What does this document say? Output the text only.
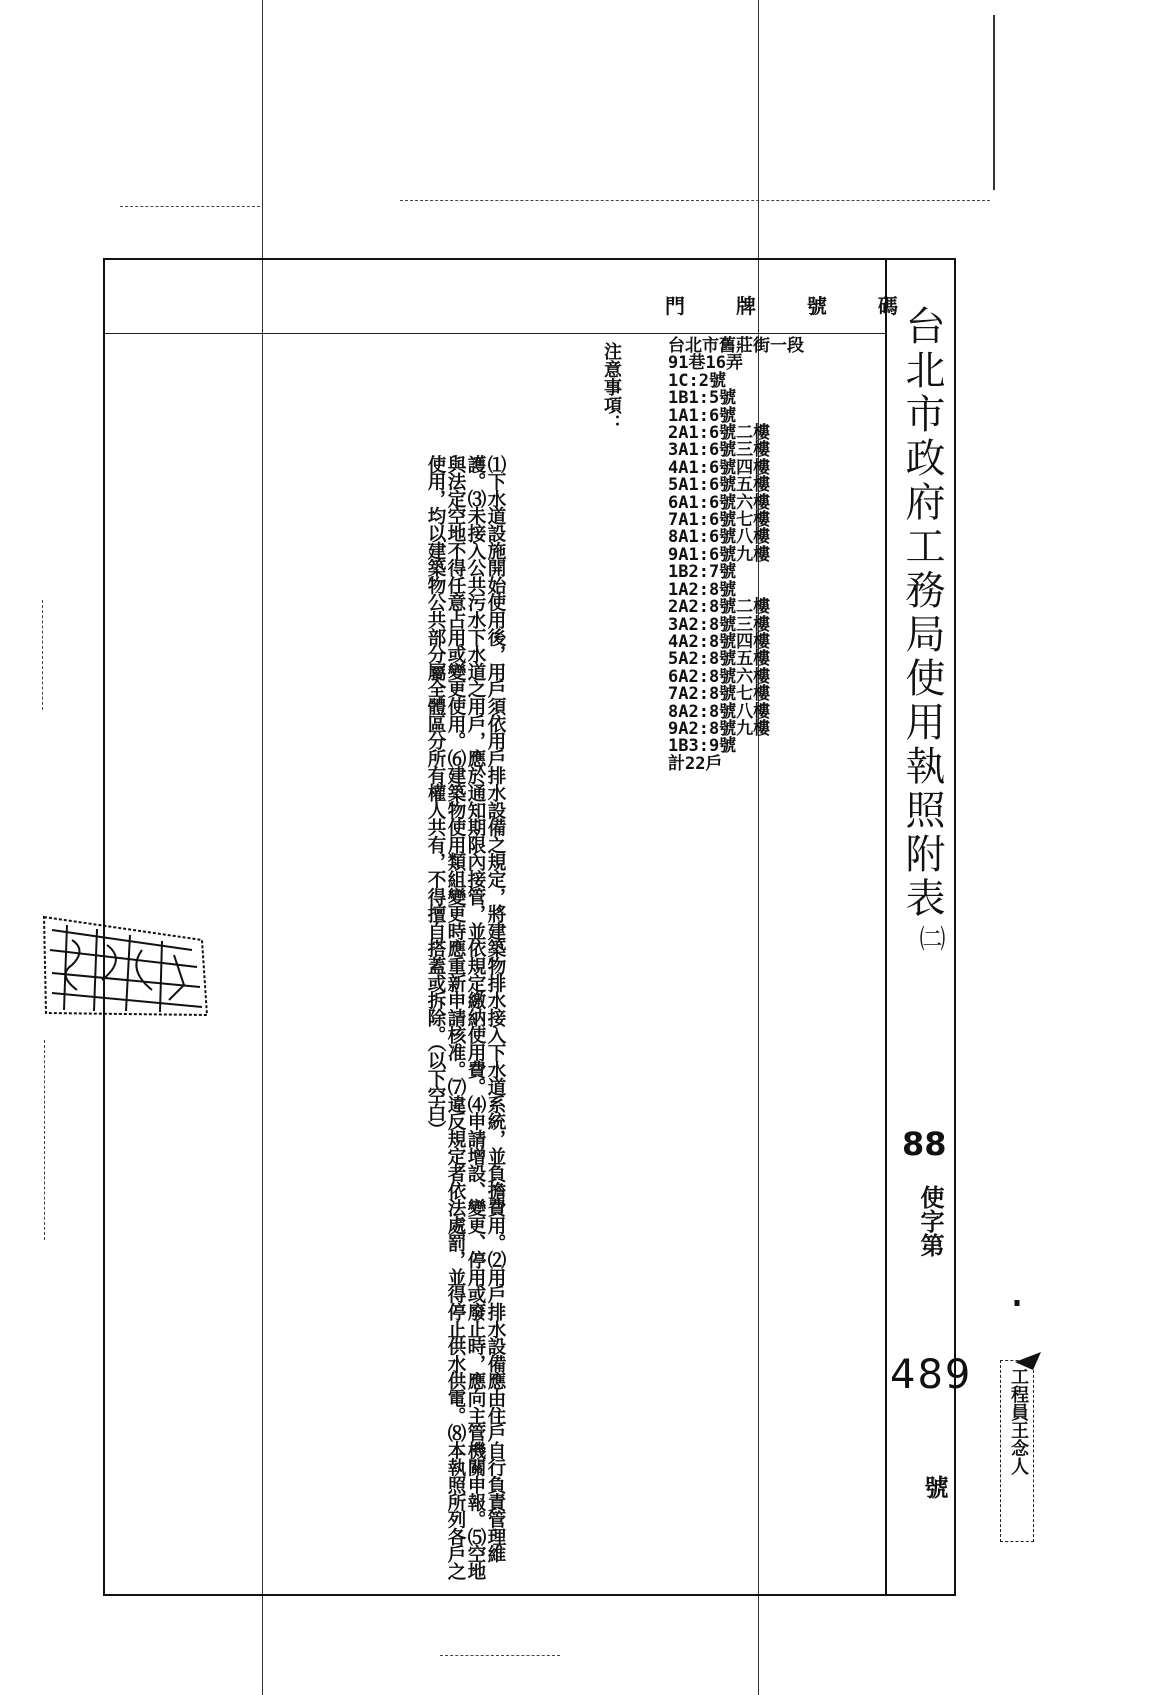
台北市政府工務局使用執照附表
㈡
88
使字第
489
號
門 牌 號 碼
台北市舊莊街一段
91巷16弄
1C:2號
1B1:5號
1A1:6號
2A1:6號二樓
3A1:6號三樓
4A1:6號四樓
5A1:6號五樓
6A1:6號六樓
7A1:6號七樓
8A1:6號八樓
9A1:6號九樓
1B2:7號
1A2:8號
2A2:8號二樓
3A2:8號三樓
4A2:8號四樓
5A2:8號五樓
6A2:8號六樓
7A2:8號七樓
8A2:8號八樓
9A2:8號九樓
1B3:9號
計22戶
注意事項：
⑴下水道設施開始使用後，用戶須依用戶排水設備之規定，將建築物排水接入下水道系統，並負擔費用。⑵用戶排水設備應由住戶自行負責管理維護。⑶未接入公共污水下水道之用戶，應於通知期限內接管，並依規定繳納使用費。⑷申請增設、變更、停用或廢止時，應向主管機關申報。⑸空地與法定空地不得任意占用或變更使用。⑹建築物使用類組變更時應重新申請核准。⑺違反規定者依法處罰，並得停止供水供電。⑻本執照所列各戶之使用，均以建築物公共部分屬全體區分所有權人共有，不得擅自搭蓋或拆除。（以下空白）
工程員王念人
